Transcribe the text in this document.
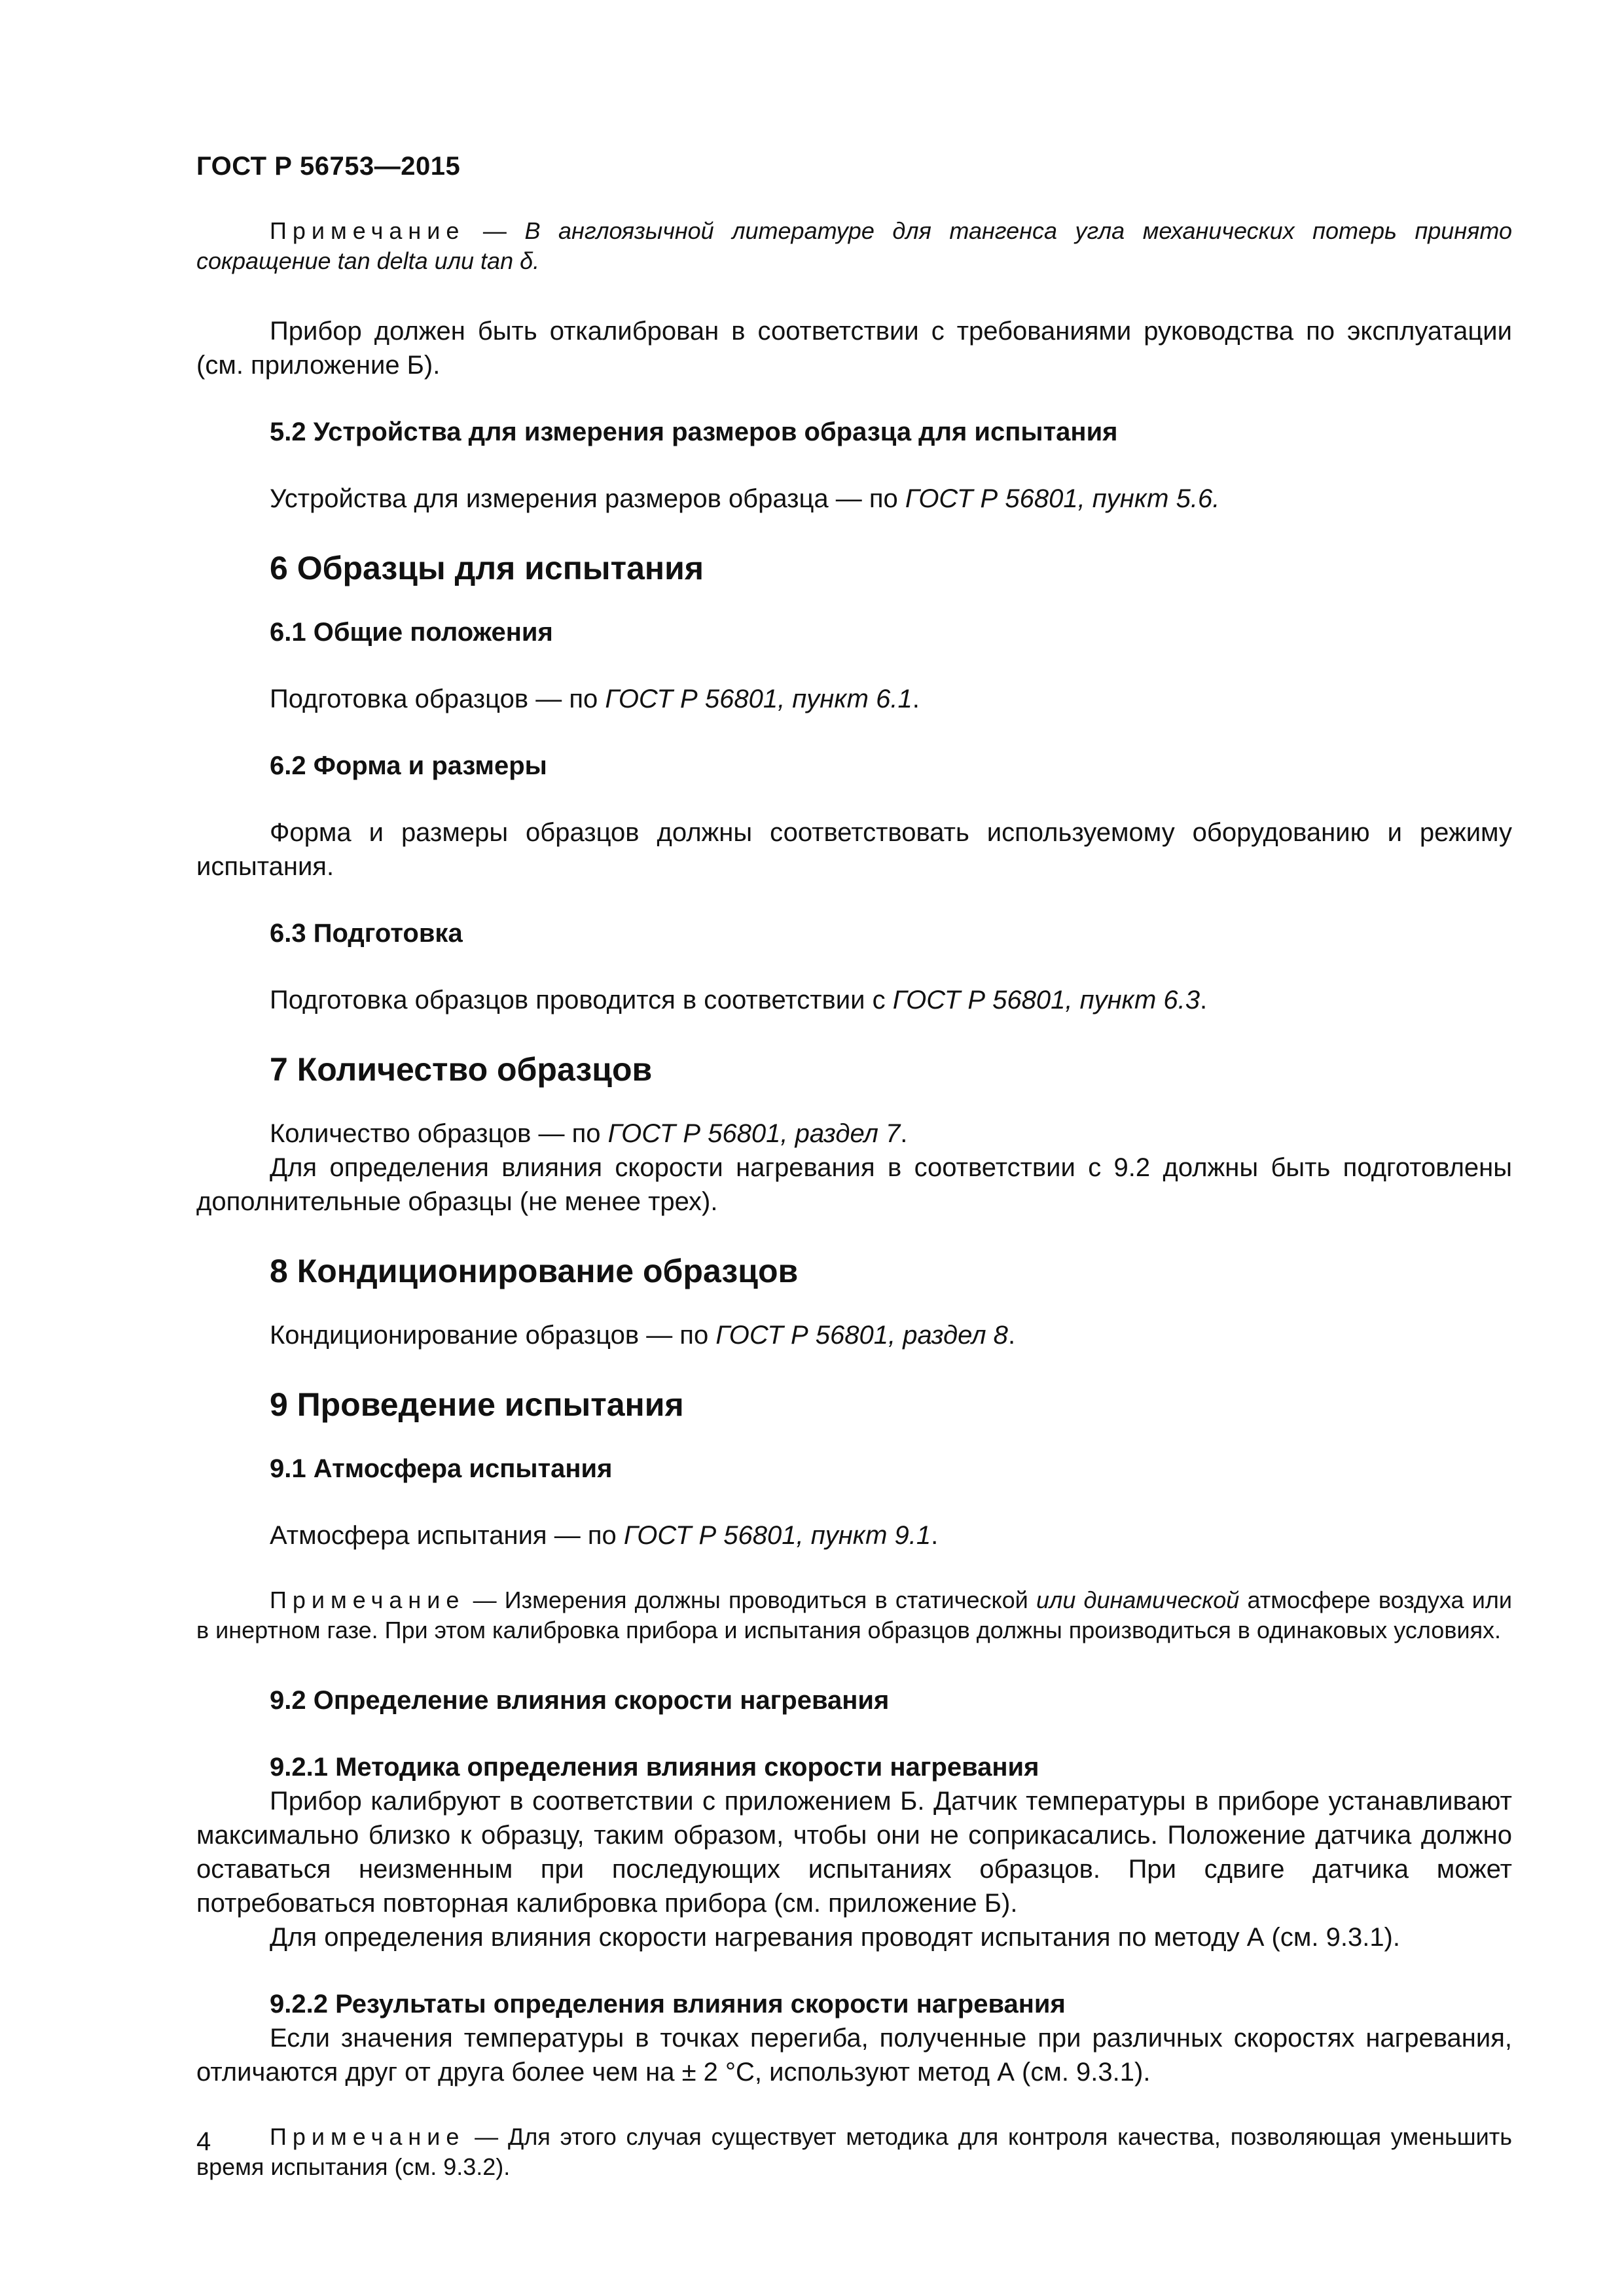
ГОСТ Р 56753—2015

Примечание — В англоязычной литературе для тангенса угла механических потерь принято сокращение tan delta или tan δ.

Прибор должен быть откалиброван в соответствии с требованиями руководства по эксплуатации (см. приложение Б).

5.2 Устройства для измерения размеров образца для испытания

Устройства для измерения размеров образца — по ГОСТ Р 56801, пункт 5.6.

6 Образцы для испытания

6.1 Общие положения

Подготовка образцов — по ГОСТ Р 56801, пункт 6.1.

6.2 Форма и размеры

Форма и размеры образцов должны соответствовать используемому оборудованию и режиму испытания.

6.3 Подготовка

Подготовка образцов проводится в соответствии с ГОСТ Р 56801, пункт 6.3.

7 Количество образцов

Количество образцов — по ГОСТ Р 56801, раздел 7.

Для определения влияния скорости нагревания в соответствии с 9.2 должны быть подготовлены дополнительные образцы (не менее трех).

8 Кондиционирование образцов

Кондиционирование образцов — по ГОСТ Р 56801, раздел 8.

9 Проведение испытания

9.1 Атмосфера испытания

Атмосфера испытания — по ГОСТ Р 56801, пункт 9.1.

Примечание — Измерения должны проводиться в статической или динамической атмосфере воздуха или в инертном газе. При этом калибровка прибора и испытания образцов должны производиться в одинаковых условиях.

9.2 Определение влияния скорости нагревания

9.2.1 Методика определения влияния скорости нагревания

Прибор калибруют в соответствии с приложением Б. Датчик температуры в приборе устанавливают максимально близко к образцу, таким образом, чтобы они не соприкасались. Положение датчика должно оставаться неизменным при последующих испытаниях образцов. При сдвиге датчика может потребоваться повторная калибровка прибора (см. приложение Б).

Для определения влияния скорости нагревания проводят испытания по методу А (см. 9.3.1).

9.2.2 Результаты определения влияния скорости нагревания

Если значения температуры в точках перегиба, полученные при различных скоростях нагревания, отличаются друг от друга более чем на ± 2 °С, используют метод А (см. 9.3.1).

Примечание — Для этого случая существует методика для контроля качества, позволяющая уменьшить время испытания (см. 9.3.2).

4
